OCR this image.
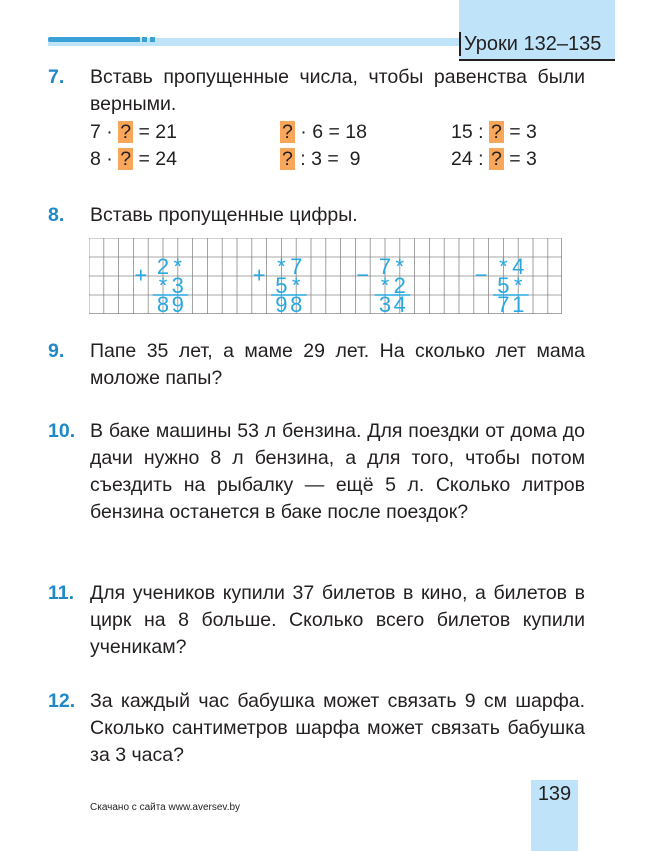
Уроки 132–135
7. Вставь пропущенные числа, чтобы равенства были верными.
7 · ? = 21	? · 6 = 18	15 : ? = 3
8 · ? = 24	? : 3 =  9	24 : ? = 3
8. Вставь пропущенные цифры.
+ 2 *
* 3
8 9
+ * 7
5 *
9 8
− 7 *
* 2
3 4
− * 4
5 *
7 1
9. Папе 35 лет, а маме 29 лет. На сколько лет мама моложе папы?
10. В баке машины 53 л бензина. Для поездки от дома до дачи нужно 8 л бензина, а для того, чтобы потом съездить на рыбалку — ещё 5 л. Сколько литров бензина останется в баке после поездок?
11. Для учеников купили 37 билетов в кино, а билетов в цирк на 8 больше. Сколько всего билетов купили ученикам?
12. За каждый час бабушка может связать 9 см шарфа. Сколько сантиметров шарфа может связать бабушка за 3 часа?
139
Скачано с сайта www.aversev.by
